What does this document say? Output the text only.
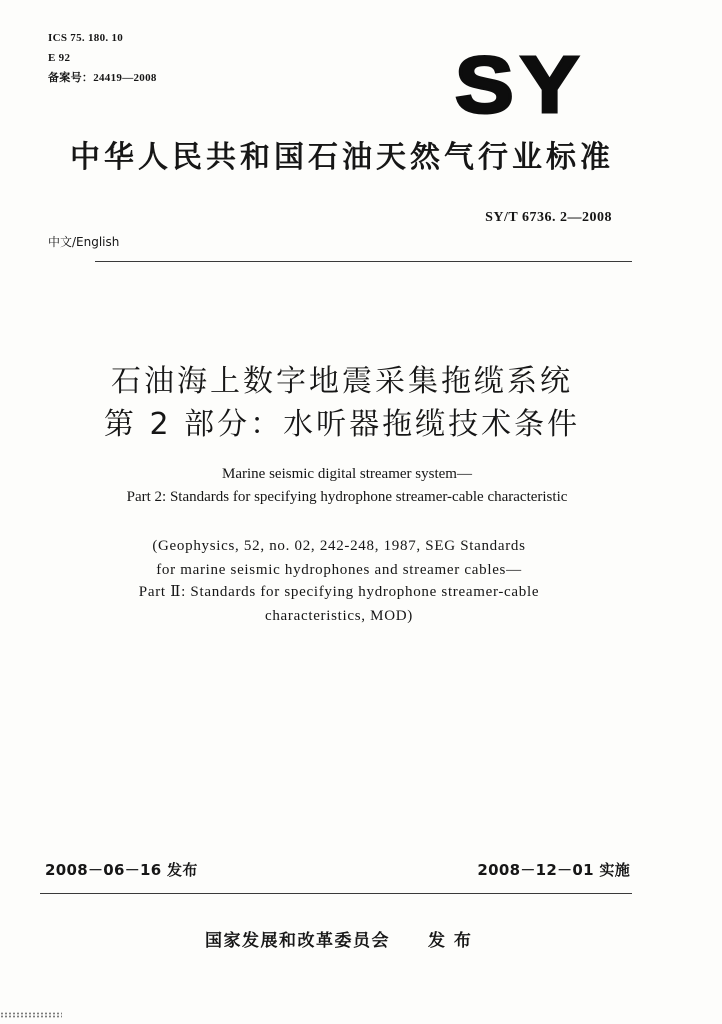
ICS 75. 180. 10
E 92
备案号：24419—2008	SY
中华人民共和国石油天然气行业标准
SY/T 6736. 2—2008
中文/English
石油海上数字地震采集拖缆系统
第 2 部分：水听器拖缆技术条件
Marine seismic digital streamer system—
Part 2: Standards for specifying hydrophone streamer-cable characteristic
(Geophysics, 52, no. 02, 242-248, 1987, SEG Standards
for marine seismic hydrophones and streamer cables—
Part Ⅱ: Standards for specifying hydrophone streamer-cable
characteristics, MOD)
2008－06－16 发布	2008－12－01 实施
国家发展和改革委员会 发 布
